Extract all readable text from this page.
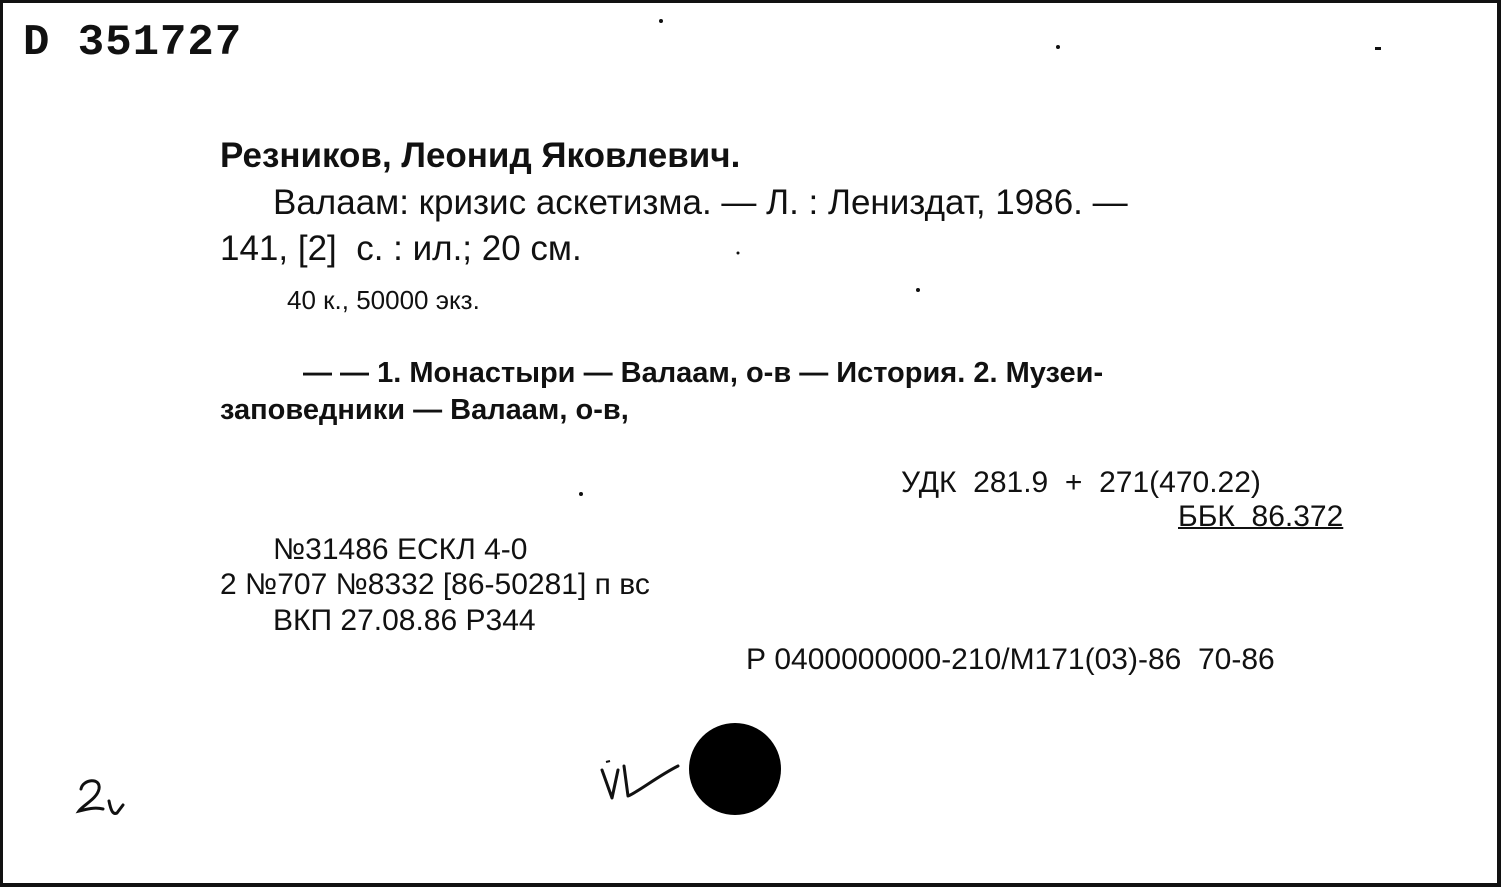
D 351727
Резников, Леонид Яковлевич.
Валаам: кризис аскетизма. — Л. : Лениздат, 1986. —
141, [2]  с. : ил.; 20 см.
40 к., 50000 экз.
— — 1. Монастыри — Валаам, о-в — История. 2. Музеи-
заповедники — Валаам, о-в,
УДК  281.9  +  271(470.22)
ББК  86.372
№31486 ЕСКЛ 4-0
2 №707 №8332 [86-50281] п вс
ВКП 27.08.86 Р344
Р 0400000000-210/М171(03)-86  70-86
